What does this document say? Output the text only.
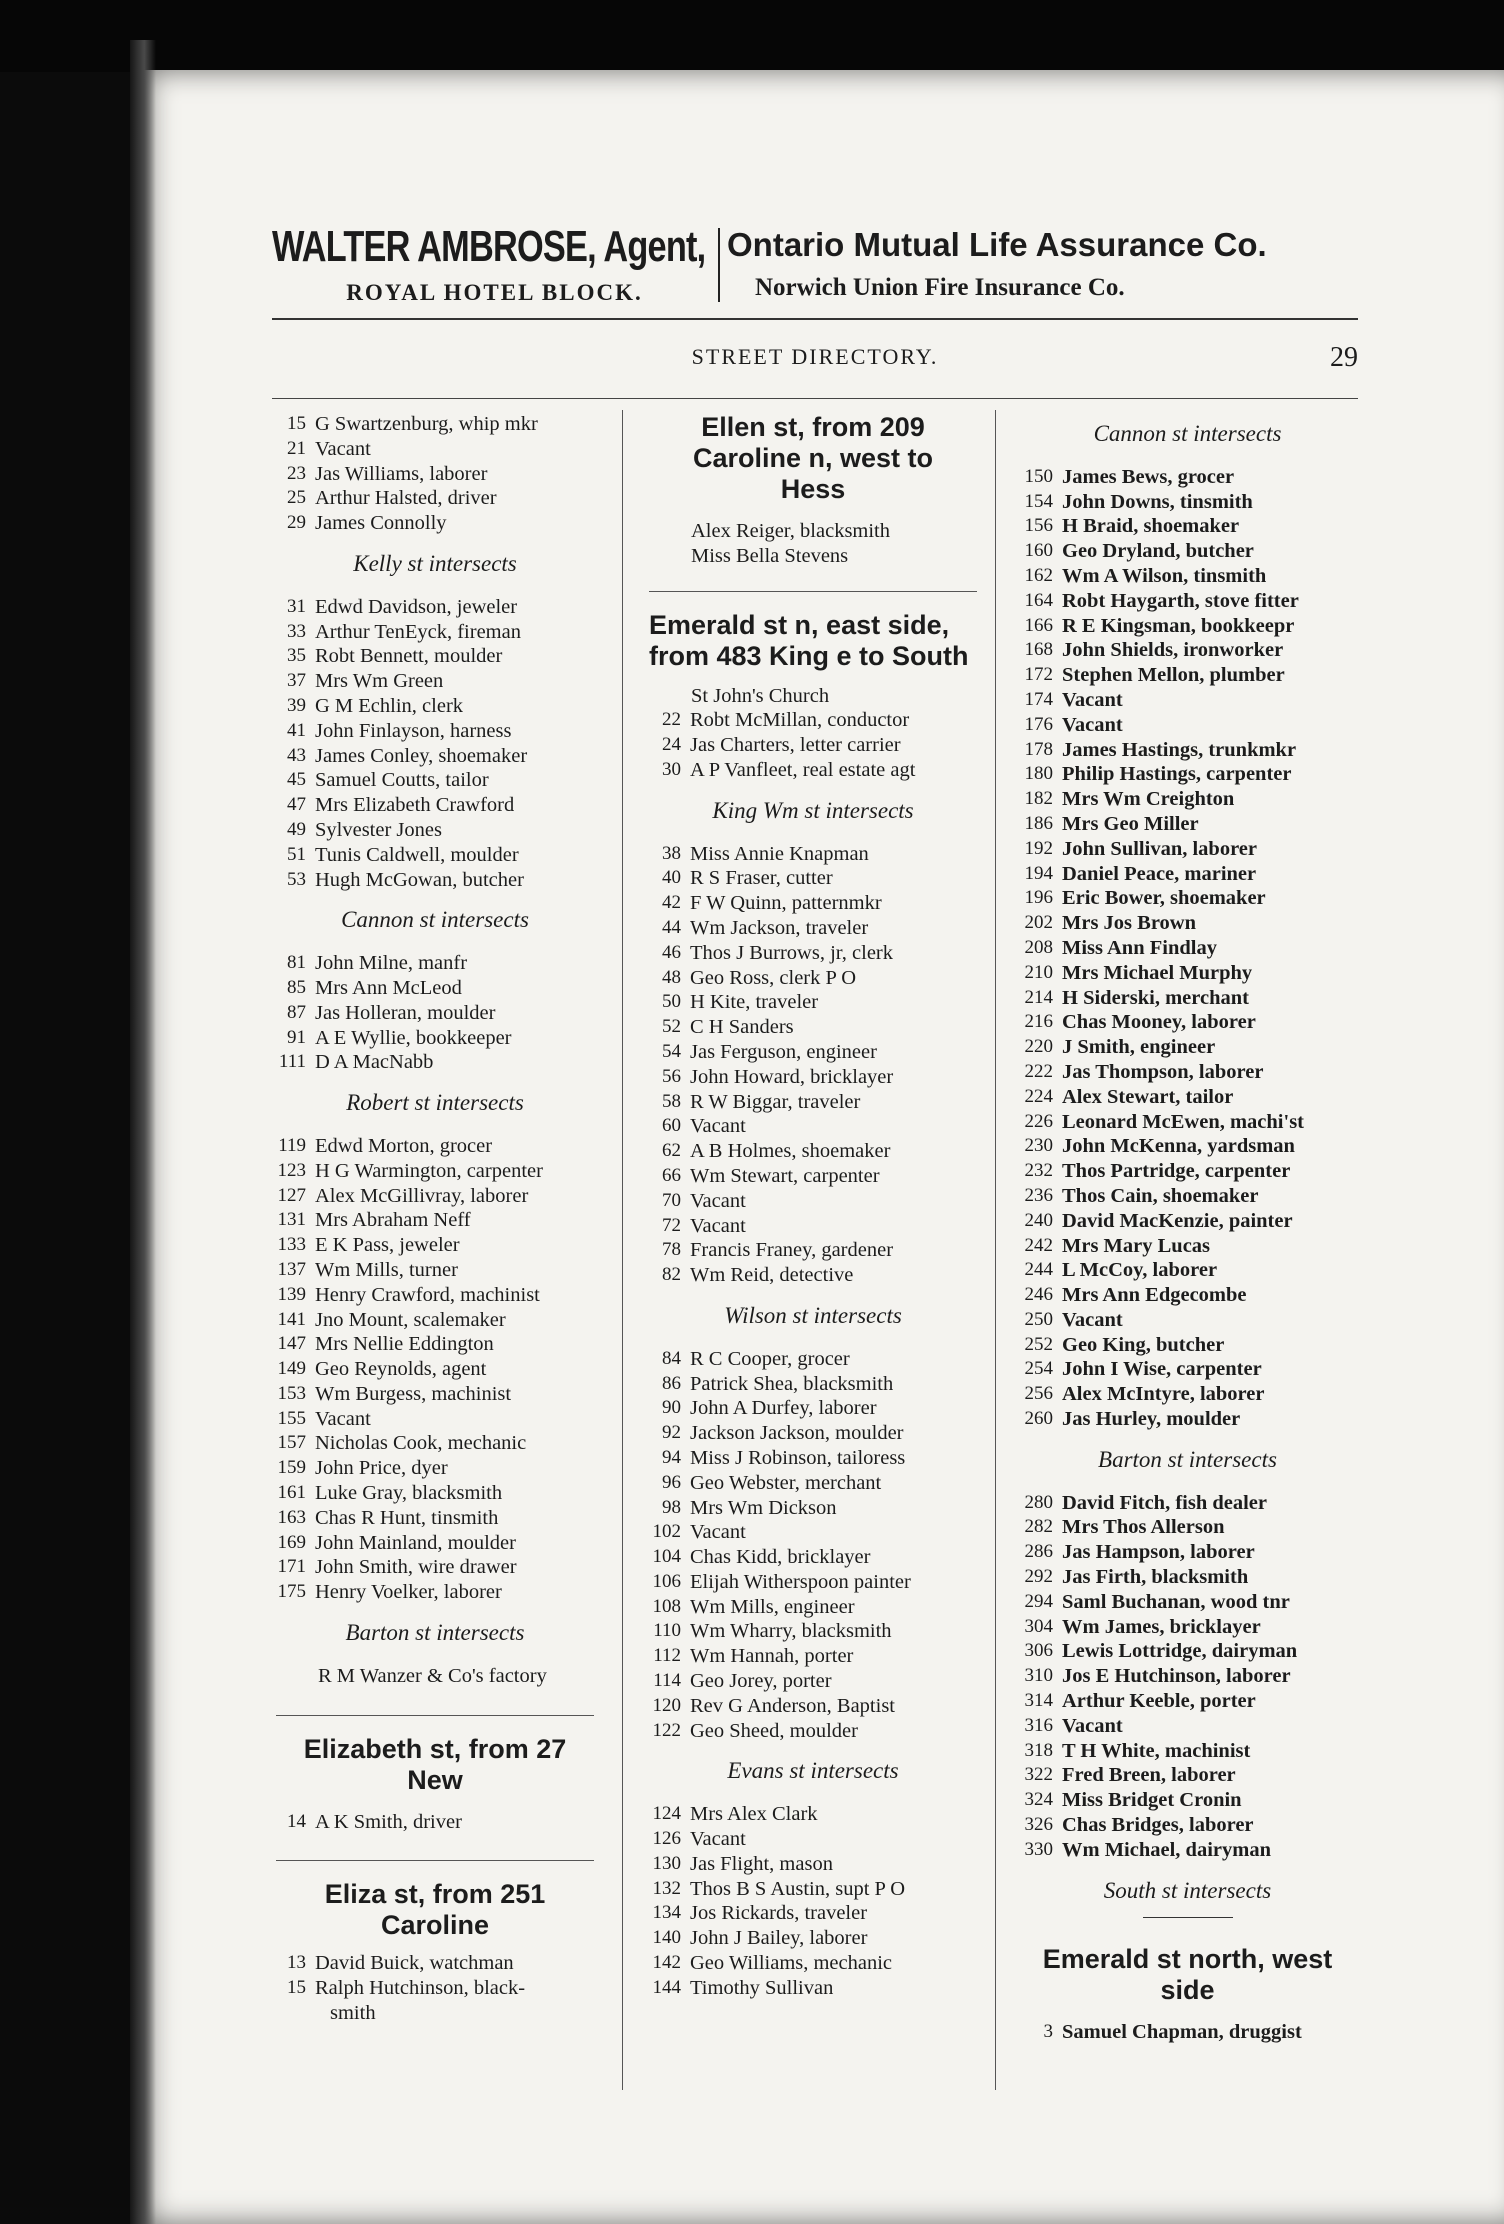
WALTER AMBROSE, Agent,
ROYAL HOTEL BLOCK.
Ontario Mutual Life Assurance Co.
Norwich Union Fire Insurance Co.
STREET DIRECTORY.	29
15 G Swartzenburg, whip mkr
21 Vacant
23 Jas Williams, laborer
25 Arthur Halsted, driver
29 James Connolly
Kelly st intersects
31 Edwd Davidson, jeweler
33 Arthur TenEyck, fireman
35 Robt Bennett, moulder
37 Mrs Wm Green
39 G M Echlin, clerk
41 John Finlayson, harness
43 James Conley, shoemaker
45 Samuel Coutts, tailor
47 Mrs Elizabeth Crawford
49 Sylvester Jones
51 Tunis Caldwell, moulder
53 Hugh McGowan, butcher
Cannon st intersects
81 John Milne, manfr
85 Mrs Ann McLeod
87 Jas Holleran, moulder
91 A E Wyllie, bookkeeper
111 D A MacNabb
Robert st intersects
119 Edwd Morton, grocer
123 H G Warmington, carpenter
127 Alex McGillivray, laborer
131 Mrs Abraham Neff
133 E K Pass, jeweler
137 Wm Mills, turner
139 Henry Crawford, machinist
141 Jno Mount, scalemaker
147 Mrs Nellie Eddington
149 Geo Reynolds, agent
153 Wm Burgess, machinist
155 Vacant
157 Nicholas Cook, mechanic
159 John Price, dyer
161 Luke Gray, blacksmith
163 Chas R Hunt, tinsmith
169 John Mainland, moulder
171 John Smith, wire drawer
175 Henry Voelker, laborer
Barton st intersects
R M Wanzer & Co's factory
Elizabeth st, from 27 New
14 A K Smith, driver
Eliza st, from 251 Caroline
13 David Buick, watchman
15 Ralph Hutchinson, black-
smith
Ellen st, from 209 Caroline n, west to Hess
Alex Reiger, blacksmith
Miss Bella Stevens
Emerald st n, east side, from 483 King e to South
St John's Church
22 Robt McMillan, conductor
24 Jas Charters, letter carrier
30 A P Vanfleet, real estate agt
King Wm st intersects
38 Miss Annie Knapman
40 R S Fraser, cutter
42 F W Quinn, patternmkr
44 Wm Jackson, traveler
46 Thos J Burrows, jr, clerk
48 Geo Ross, clerk P O
50 H Kite, traveler
52 C H Sanders
54 Jas Ferguson, engineer
56 John Howard, bricklayer
58 R W Biggar, traveler
60 Vacant
62 A B Holmes, shoemaker
66 Wm Stewart, carpenter
70 Vacant
72 Vacant
78 Francis Franey, gardener
82 Wm Reid, detective
Wilson st intersects
84 R C Cooper, grocer
86 Patrick Shea, blacksmith
90 John A Durfey, laborer
92 Jackson Jackson, moulder
94 Miss J Robinson, tailoress
96 Geo Webster, merchant
98 Mrs Wm Dickson
102 Vacant
104 Chas Kidd, bricklayer
106 Elijah Witherspoon painter
108 Wm Mills, engineer
110 Wm Wharry, blacksmith
112 Wm Hannah, porter
114 Geo Jorey, porter
120 Rev G Anderson, Baptist
122 Geo Sheed, moulder
Evans st intersects
124 Mrs Alex Clark
126 Vacant
130 Jas Flight, mason
132 Thos B S Austin, supt P O
134 Jos Rickards, traveler
140 John J Bailey, laborer
142 Geo Williams, mechanic
144 Timothy Sullivan
Cannon st intersects
150 James Bews, grocer
154 John Downs, tinsmith
156 H Braid, shoemaker
160 Geo Dryland, butcher
162 Wm A Wilson, tinsmith
164 Robt Haygarth, stove fitter
166 R E Kingsman, bookkeepr
168 John Shields, ironworker
172 Stephen Mellon, plumber
174 Vacant
176 Vacant
178 James Hastings, trunkmkr
180 Philip Hastings, carpenter
182 Mrs Wm Creighton
186 Mrs Geo Miller
192 John Sullivan, laborer
194 Daniel Peace, mariner
196 Eric Bower, shoemaker
202 Mrs Jos Brown
208 Miss Ann Findlay
210 Mrs Michael Murphy
214 H Siderski, merchant
216 Chas Mooney, laborer
220 J Smith, engineer
222 Jas Thompson, laborer
224 Alex Stewart, tailor
226 Leonard McEwen, machi'st
230 John McKenna, yardsman
232 Thos Partridge, carpenter
236 Thos Cain, shoemaker
240 David MacKenzie, painter
242 Mrs Mary Lucas
244 L McCoy, laborer
246 Mrs Ann Edgecombe
250 Vacant
252 Geo King, butcher
254 John I Wise, carpenter
256 Alex McIntyre, laborer
260 Jas Hurley, moulder
Barton st intersects
280 David Fitch, fish dealer
282 Mrs Thos Allerson
286 Jas Hampson, laborer
292 Jas Firth, blacksmith
294 Saml Buchanan, wood tnr
304 Wm James, bricklayer
306 Lewis Lottridge, dairyman
310 Jos E Hutchinson, laborer
314 Arthur Keeble, porter
316 Vacant
318 T H White, machinist
322 Fred Breen, laborer
324 Miss Bridget Cronin
326 Chas Bridges, laborer
330 Wm Michael, dairyman
South st intersects
Emerald st north, west side
3 Samuel Chapman, druggist
